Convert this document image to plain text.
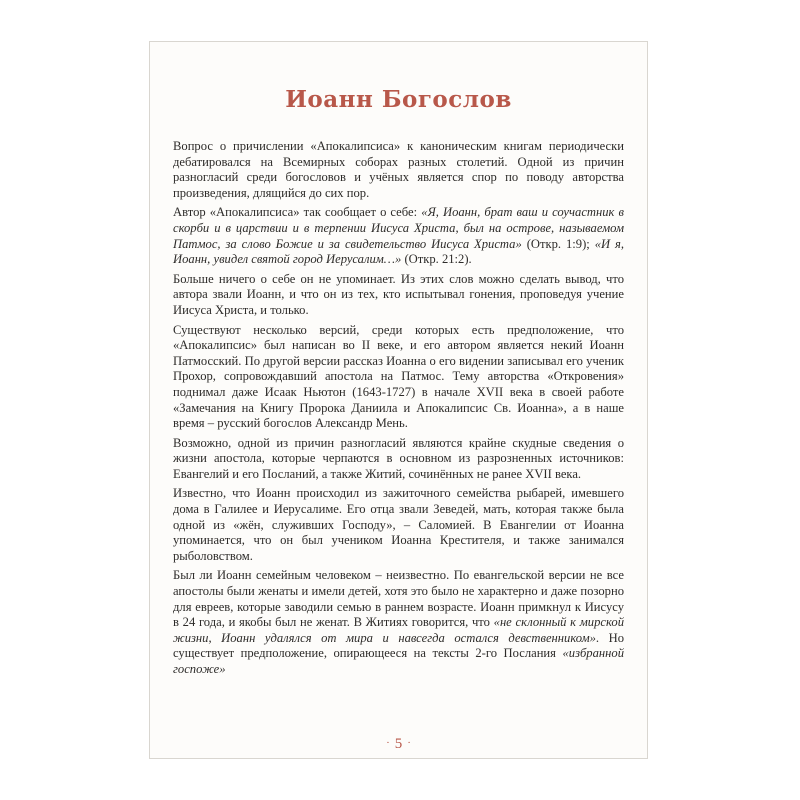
Иоанн Богослов

Вопрос о причислении «Апокалипсиса» к каноническим книгам периодически дебатировался на Всемирных соборах разных столетий. Одной из причин разногласий среди богословов и учёных является спор по поводу авторства произведения, длящийся до сих пор.

Автор «Апокалипсиса» так сообщает о себе: «Я, Иоанн, брат ваш и соучастник в скорби и в царствии и в терпении Иисуса Христа, был на острове, называемом Патмос, за слово Божие и за свидетельство Иисуса Христа» (Откр. 1:9); «И я, Иоанн, увидел святой город Иерусалим…» (Откр. 21:2).

Больше ничего о себе он не упоминает. Из этих слов можно сделать вывод, что автора звали Иоанн, и что он из тех, кто испытывал гонения, проповедуя учение Иисуса Христа, и только.

Существуют несколько версий, среди которых есть предположение, что «Апокалипсис» был написан во II веке, и его автором является некий Иоанн Патмосский. По другой версии рассказ Иоанна о его видении записывал его ученик Прохор, сопровождавший апостола на Патмос. Тему авторства «Откровения» поднимал даже Исаак Ньютон (1643-1727) в начале XVII века в своей работе «Замечания на Книгу Пророка Даниила и Апокалипсис Св. Иоанна», а в наше время – русский богослов Александр Мень.

Возможно, одной из причин разногласий являются крайне скудные сведения о жизни апостола, которые черпаются в основном из разрозненных источников: Евангелий и его Посланий, а также Житий, сочинённых не ранее XVII века.

Известно, что Иоанн происходил из зажиточного семейства рыбарей, имевшего дома в Галилее и Иерусалиме. Его отца звали Зеведей, мать, которая также была одной из «жён, служивших Господу», – Саломией. В Евангелии от Иоанна упоминается, что он был учеником Иоанна Крестителя, и также занимался рыболовством.

Был ли Иоанн семейным человеком – неизвестно. По евангельской версии не все апостолы были женаты и имели детей, хотя это было не характерно и даже позорно для евреев, которые заводили семью в раннем возрасте. Иоанн примкнул к Иисусу в 24 года, и якобы был не женат. В Житиях говорится, что «не склонный к мирской жизни, Иоанн удалялся от мира и навсегда остался девственником». Но существует предположение, опирающееся на тексты 2-го Послания «избранной госпоже»

· 5 ·
